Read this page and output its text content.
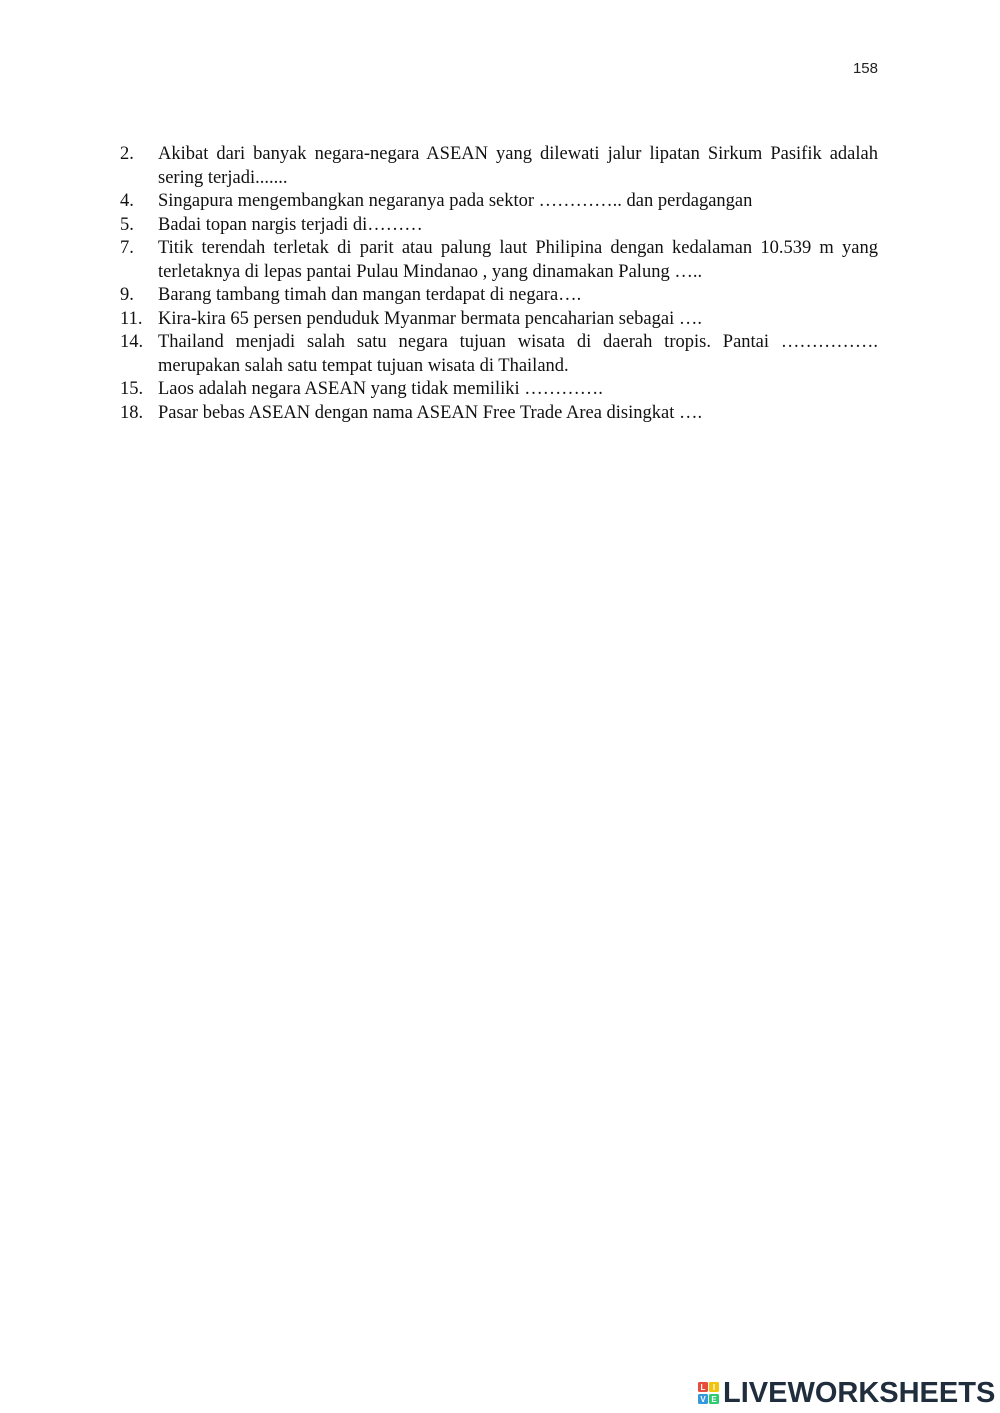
158
2.	Akibat dari banyak negara-negara ASEAN yang dilewati jalur lipatan Sirkum Pasifik adalah sering terjadi.......
4.	Singapura mengembangkan negaranya pada sektor ………….. dan perdagangan
5.	Badai topan nargis terjadi di………
7.	Titik terendah terletak di parit atau palung laut Philipina dengan kedalaman 10.539 m yang terletaknya di lepas pantai Pulau Mindanao , yang dinamakan Palung …..
9.	Barang tambang timah dan mangan terdapat di negara….
11. Kira-kira 65 persen penduduk Myanmar bermata pencaharian sebagai ….
14. Thailand menjadi salah satu negara tujuan wisata di daerah tropis. Pantai ……………. merupakan salah satu tempat tujuan wisata di Thailand.
15. Laos adalah negara ASEAN yang tidak memiliki ………….
18. Pasar bebas ASEAN dengan nama ASEAN Free Trade Area disingkat ….
L I
V E LIVEWORKSHEETS
